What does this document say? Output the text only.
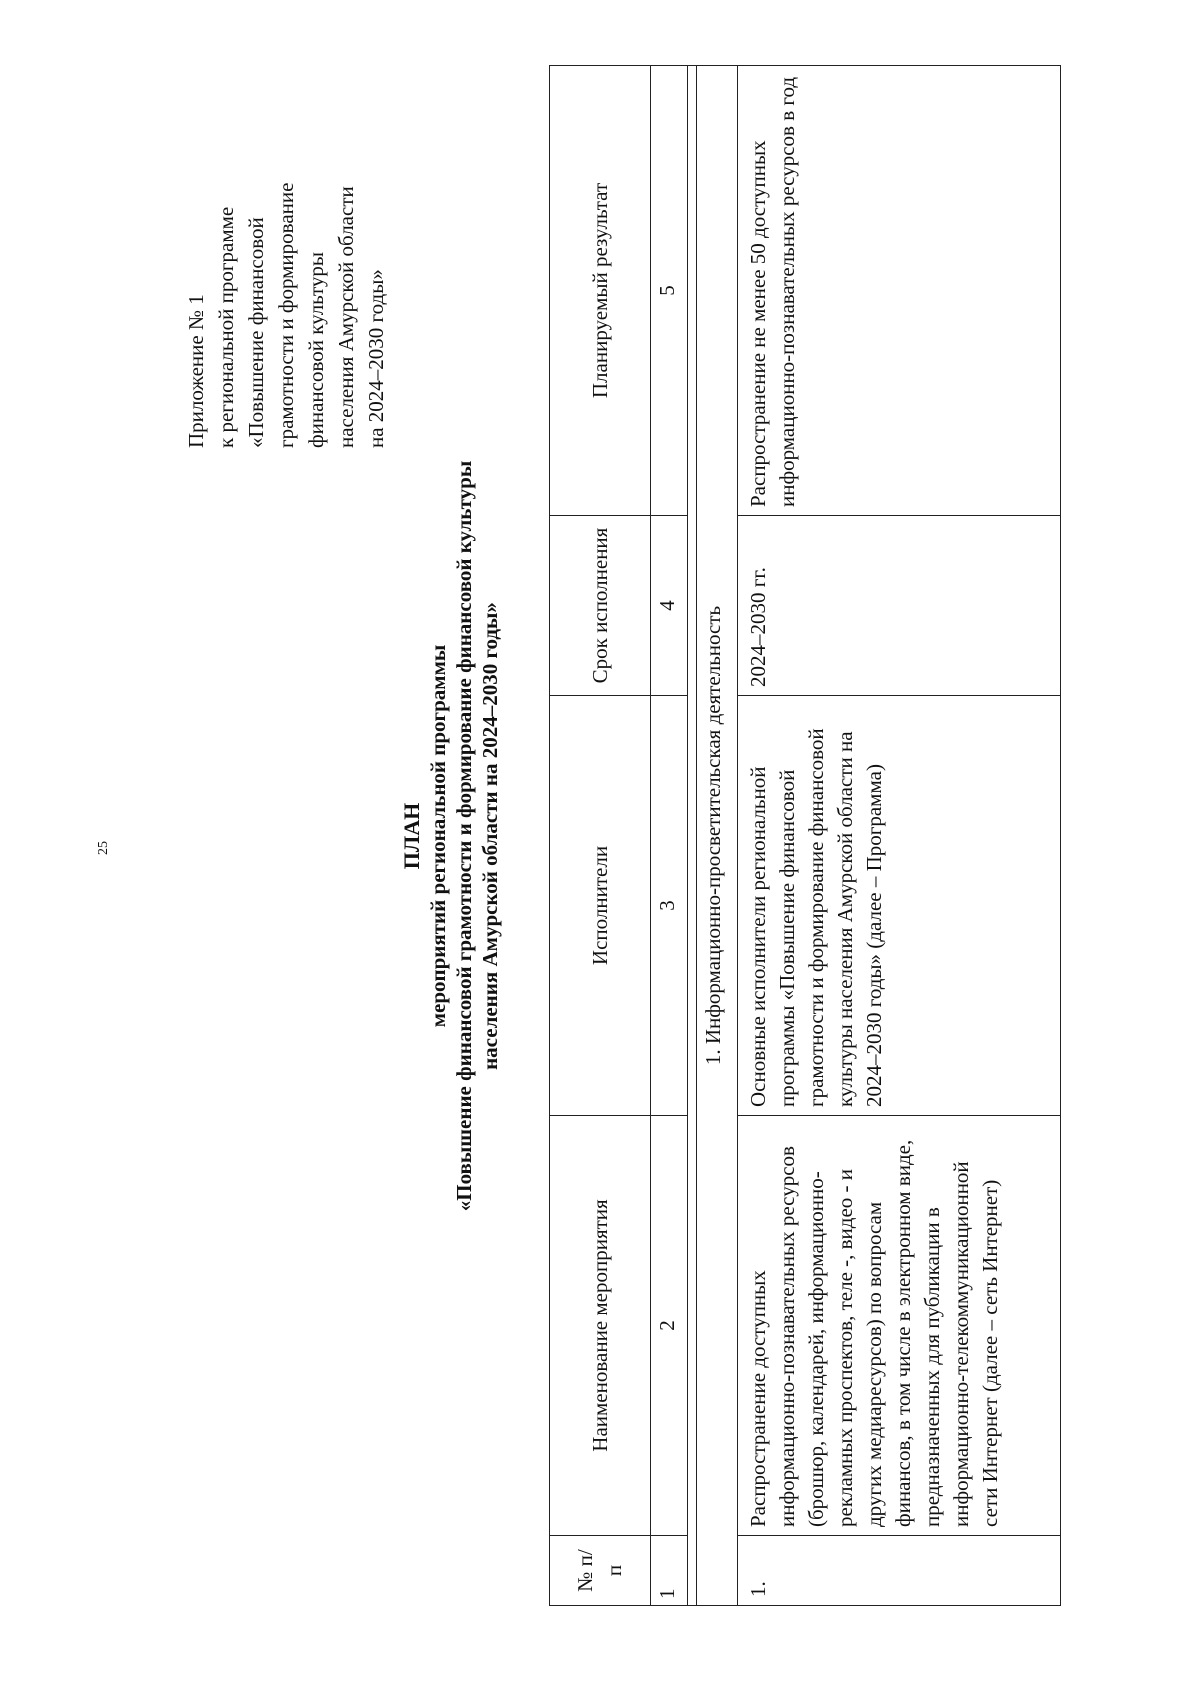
25
Приложение № 1 к региональной программе «Повышение финансовой грамотности и формирование финансовой культуры населения Амурской области на 2024–2030 годы»
ПЛАН мероприятий региональной программы «Повышение финансовой грамотности и формирование финансовой культуры населения Амурской области на 2024–2030 годы»
№ п/п	Наименование мероприятия	Исполнители	Срок исполнения	Планируемый результат
1	2	3	4	5

1. Информационно-просветительская деятельность				
1.	Распространение доступных информационно-познавательных ресурсов (брошюр, календарей, информационно-рекламных проспектов, теле -, видео - и других медиаресурсов) по вопросам финансов, в том числе в электронном виде, предназначенных для публикации в информационно-телекоммуникационной сети Интернет (далее – сеть Интернет)	Основные исполнители региональной программы «Повышение финансовой грамотности и формирование финансовой культуры населения Амурской области на 2024–2030 годы» (далее – Программа)	2024–2030 гг.	Распространение не менее 50 доступных информационно-познавательных ресурсов в год
